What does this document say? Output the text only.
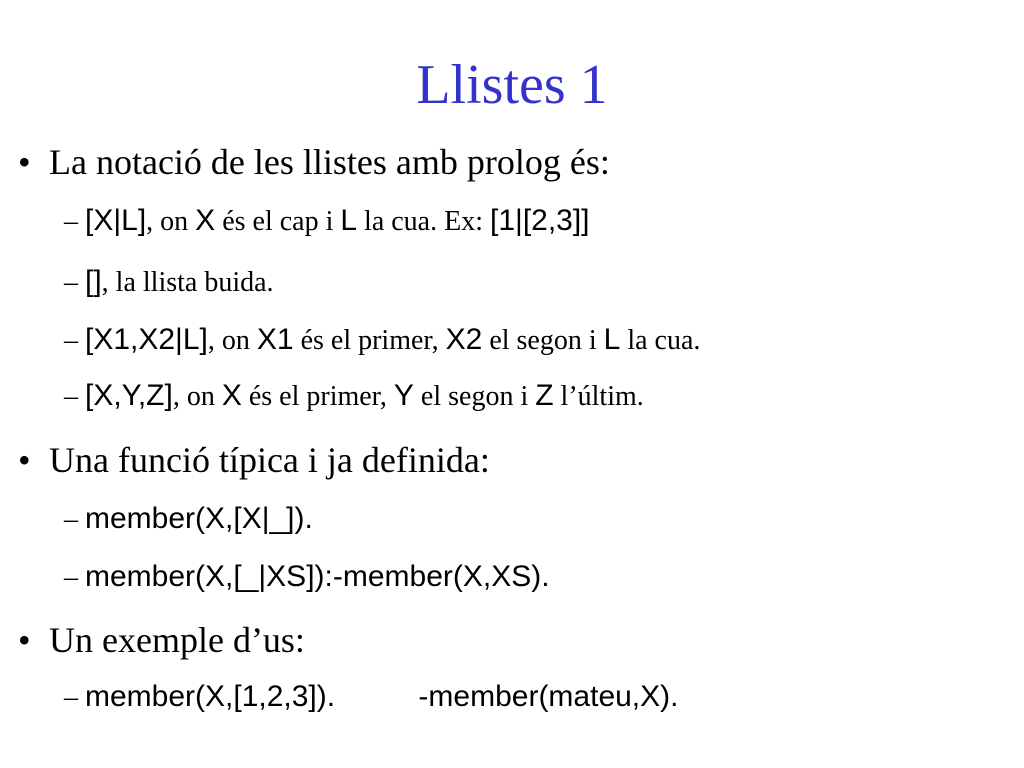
Llistes 1
• La notació de les llistes amb prolog és:
– [X|L], on X és el cap i L la cua. Ex: [1|[2,3]]
– [], la llista buida.
– [X1,X2|L], on X1 és el primer, X2 el segon i L la cua.
– [X,Y,Z], on X és el primer, Y el segon i Z l’últim.
• Una funció típica i ja definida:
– member(X,[X|_]).
– member(X,[_|XS]):-member(X,XS).
• Un exemple d’us:
– member(X,[1,2,3]).          -member(mateu,X).
